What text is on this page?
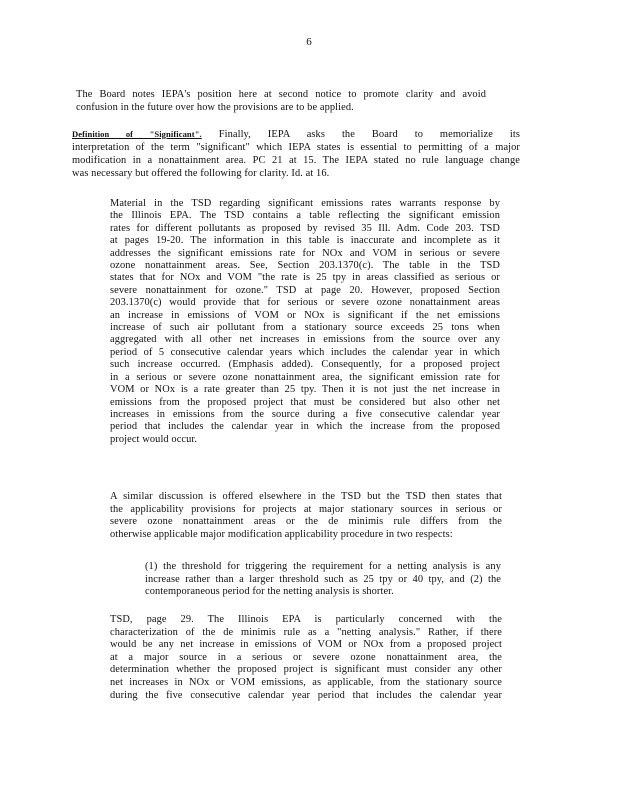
6
The Board notes IEPA's position here at second notice to promote clarity and avoid
confusion in the future over how the provisions are to be applied.
Definition of "Significant". Finally, IEPA asks the Board to memorialize its
interpretation of the term "significant" which IEPA states is essential to permitting of a major
modification in a nonattainment area. PC 21 at 15. The IEPA stated no rule language change
was necessary but offered the following for clarity. Id. at 16.
Material in the TSD regarding significant emissions rates warrants response by
the Illinois EPA. The TSD contains a table reflecting the significant emission
rates for different pollutants as proposed by revised 35 Ill. Adm. Code 203. TSD
at pages 19-20. The information in this table is inaccurate and incomplete as it
addresses the significant emissions rate for NOx and VOM in serious or severe
ozone nonattainment areas. See, Section 203.1370(c). The table in the TSD
states that for NOx and VOM "the rate is 25 tpy in areas classified as serious or
severe nonattainment for ozone." TSD at page 20. However, proposed Section
203.1370(c) would provide that for serious or severe ozone nonattainment areas
an increase in emissions of VOM or NOx is significant if the net emissions
increase of such air pollutant from a stationary source exceeds 25 tons when
aggregated with all other net increases in emissions from the source over any
period of 5 consecutive calendar years which includes the calendar year in which
such increase occurred. (Emphasis added). Consequently, for a proposed project
in a serious or severe ozone nonattainment area, the significant emission rate for
VOM or NOx is a rate greater than 25 tpy. Then it is not just the net increase in
emissions from the proposed project that must be considered but also other net
increases in emissions from the source during a five consecutive calendar year
period that includes the calendar year in which the increase from the proposed
project would occur.
A similar discussion is offered elsewhere in the TSD but the TSD then states that
the applicability provisions for projects at major stationary sources in serious or
severe ozone nonattainment areas or the de minimis rule differs from the
otherwise applicable major modification applicability procedure in two respects:
(1) the threshold for triggering the requirement for a netting analysis is any
increase rather than a larger threshold such as 25 tpy or 40 tpy, and (2) the
contemporaneous period for the netting analysis is shorter.
TSD, page 29. The Illinois EPA is particularly concerned with the
characterization of the de minimis rule as a "netting analysis." Rather, if there
would be any net increase in emissions of VOM or NOx from a proposed project
at a major source in a serious or severe ozone nonattainment area, the
determination whether the proposed project is significant must consider any other
net increases in NOx or VOM emissions, as applicable, from the stationary source
during the five consecutive calendar year period that includes the calendar year
